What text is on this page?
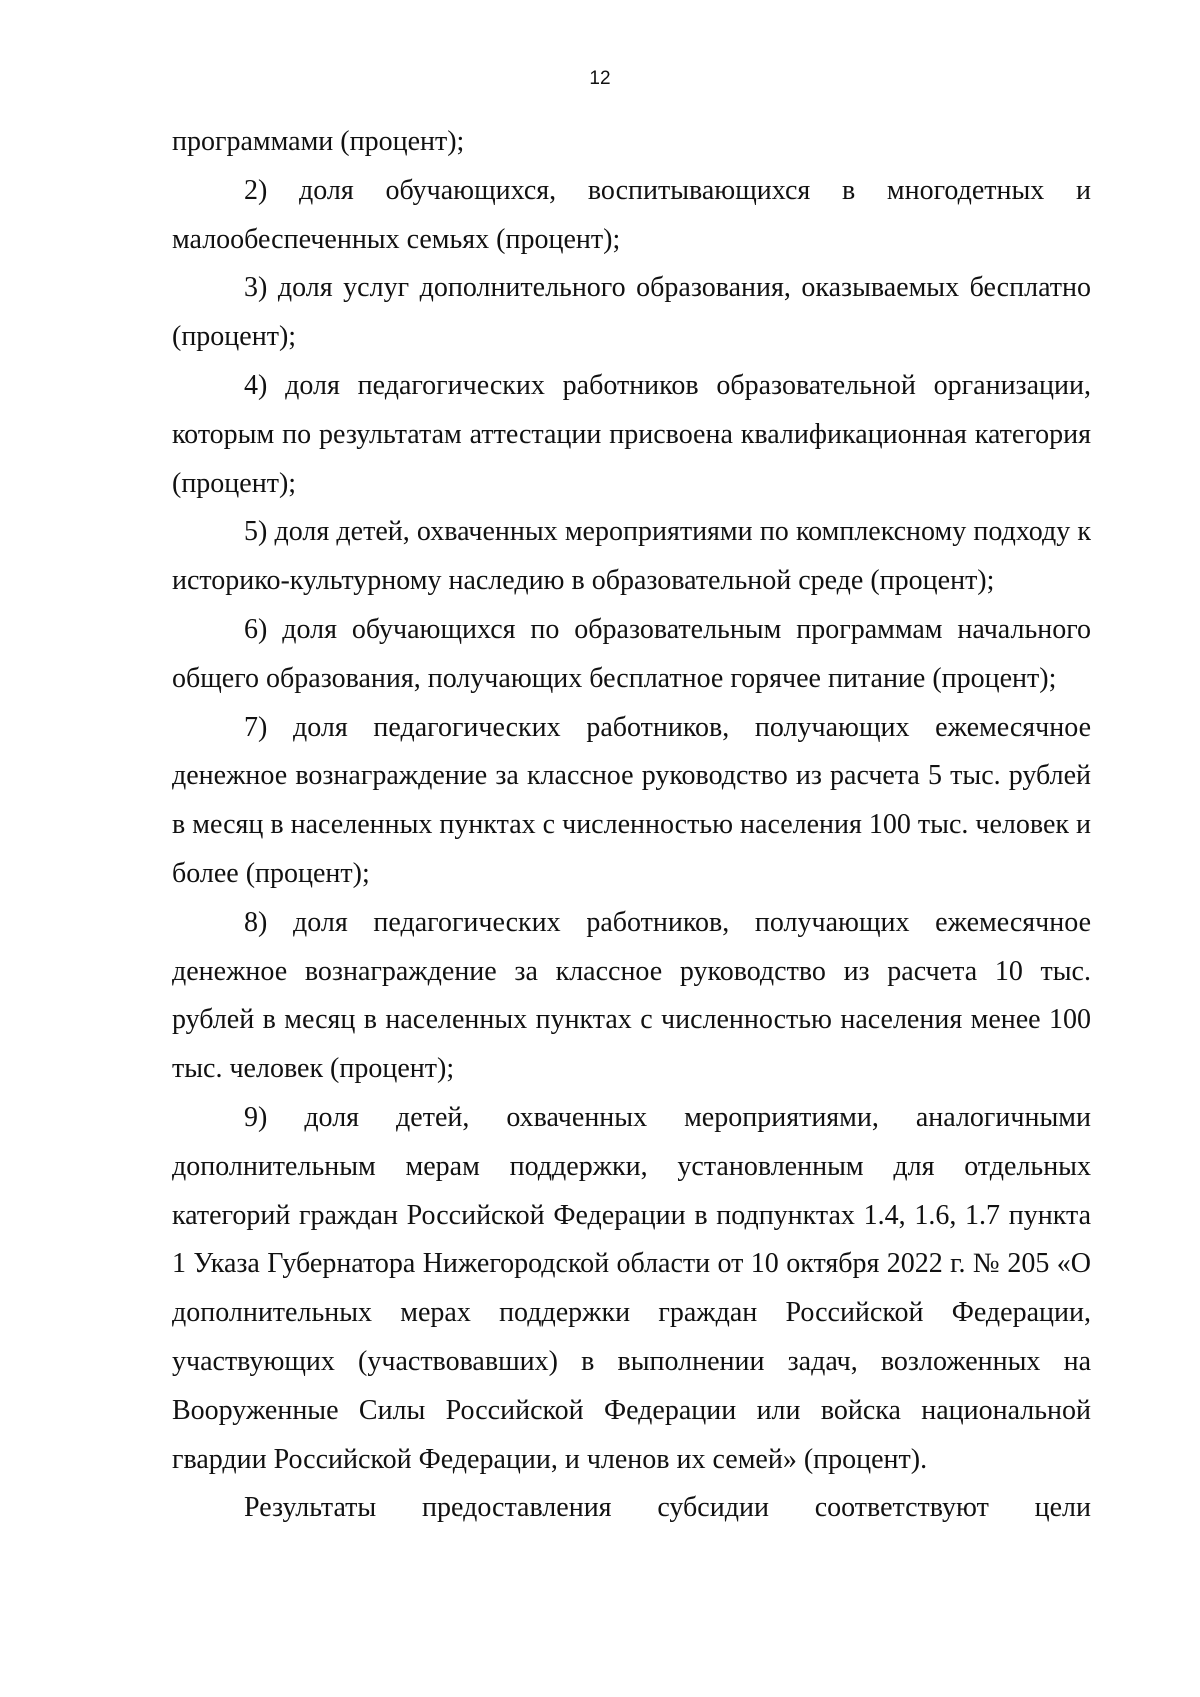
12

программами (процент);

2) доля обучающихся, воспитывающихся в многодетных и малообеспеченных семьях (процент);

3) доля услуг дополнительного образования, оказываемых бесплатно (процент);

4) доля педагогических работников образовательной организации, которым по результатам аттестации присвоена квалификационная категория (процент);

5) доля детей, охваченных мероприятиями по комплексному подходу к историко-культурному наследию в образовательной среде (процент);

6) доля обучающихся по образовательным программам начального общего образования, получающих бесплатное горячее питание (процент);

7) доля педагогических работников, получающих ежемесячное денежное вознаграждение за классное руководство из расчета 5 тыс. рублей в месяц в населенных пунктах с численностью населения 100 тыс. человек и более (процент);

8) доля педагогических работников, получающих ежемесячное денежное вознаграждение за классное руководство из расчета 10 тыс. рублей в месяц в населенных пунктах с численностью населения менее 100 тыс. человек (процент);

9) доля детей, охваченных мероприятиями, аналогичными дополнительным мерам поддержки, установленным для отдельных категорий граждан Российской Федерации в подпунктах 1.4, 1.6, 1.7 пункта 1 Указа Губернатора Нижегородской области от 10 октября 2022 г. № 205 «О дополнительных мерах поддержки граждан Российской Федерации, участвующих (участвовавших) в выполнении задач, возложенных на Вооруженные Силы Российской Федерации или войска национальной гвардии Российской Федерации, и членов их семей» (процент).

Результаты предоставления субсидии соответствуют цели
